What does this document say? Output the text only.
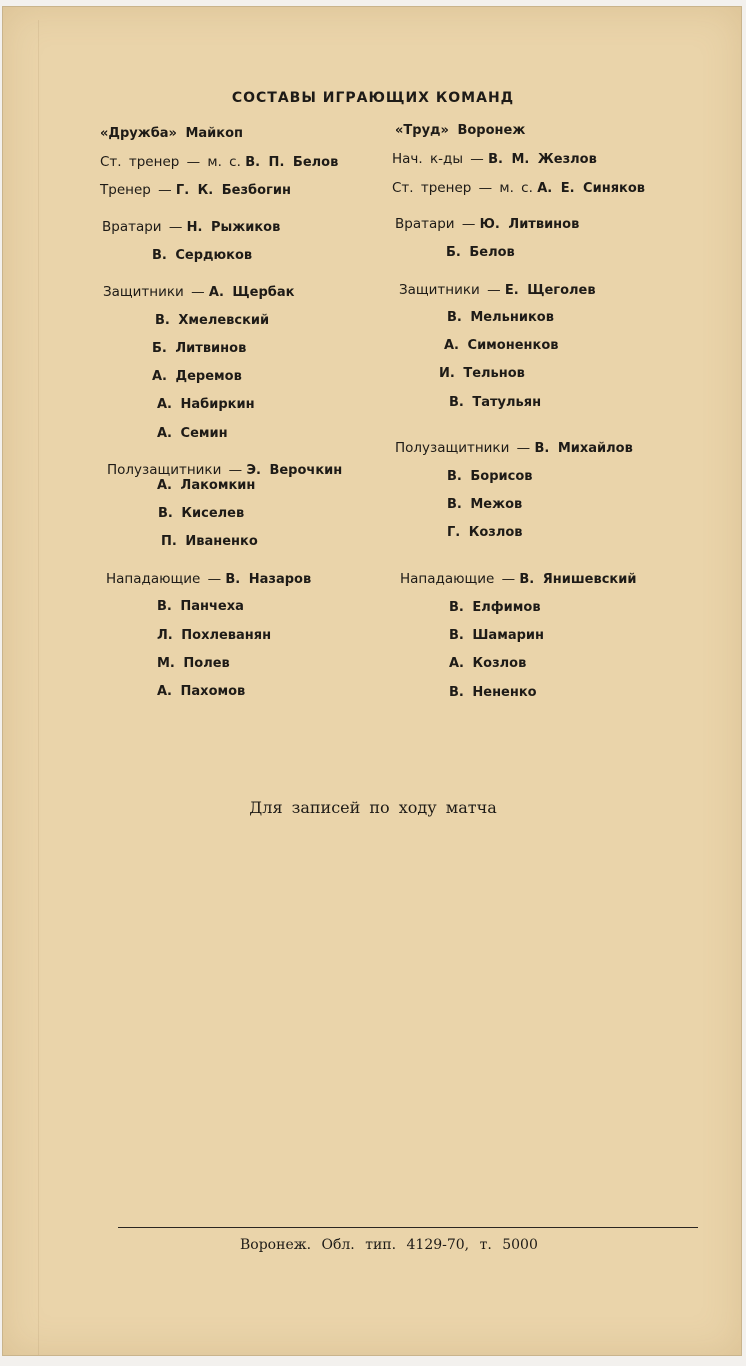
СОСТАВЫ ИГРАЮЩИХ КОМАНД
«Дружба» Майкоп
Ст. тренер — м. с. В. П. Белов
Тренер — Г. К. Безбогин
Вратари — Н. Рыжиков
В. Сердюков
Защитники — А. Щербак
В. Хмелевский
Б. Литвинов
А. Деремов
А. Набиркин
А. Семин
Полузащитники — Э. Верочкин
А. Лакомкин
В. Киселев
П. Иваненко
Нападающие — В. Назаров
В. Панчеха
Л. Похлеванян
М. Полев
А. Пахомов
«Труд» Воронеж
Нач. к-ды — В. М. Жезлов
Ст. тренер — м. с. А. Е. Синяков
Вратари — Ю. Литвинов
Б. Белов
Защитники — Е. Щеголев
В. Мельников
А. Симоненков
И. Тельнов
В. Татульян
Полузащитники — В. Михайлов
В. Борисов
В. Межов
Г. Козлов
Нападающие — В. Янишевский
В. Елфимов
В. Шамарин
А. Козлов
В. Нененко
Для записей по ходу матча
Воронеж. Обл. тип. 4129-70, т. 5000
